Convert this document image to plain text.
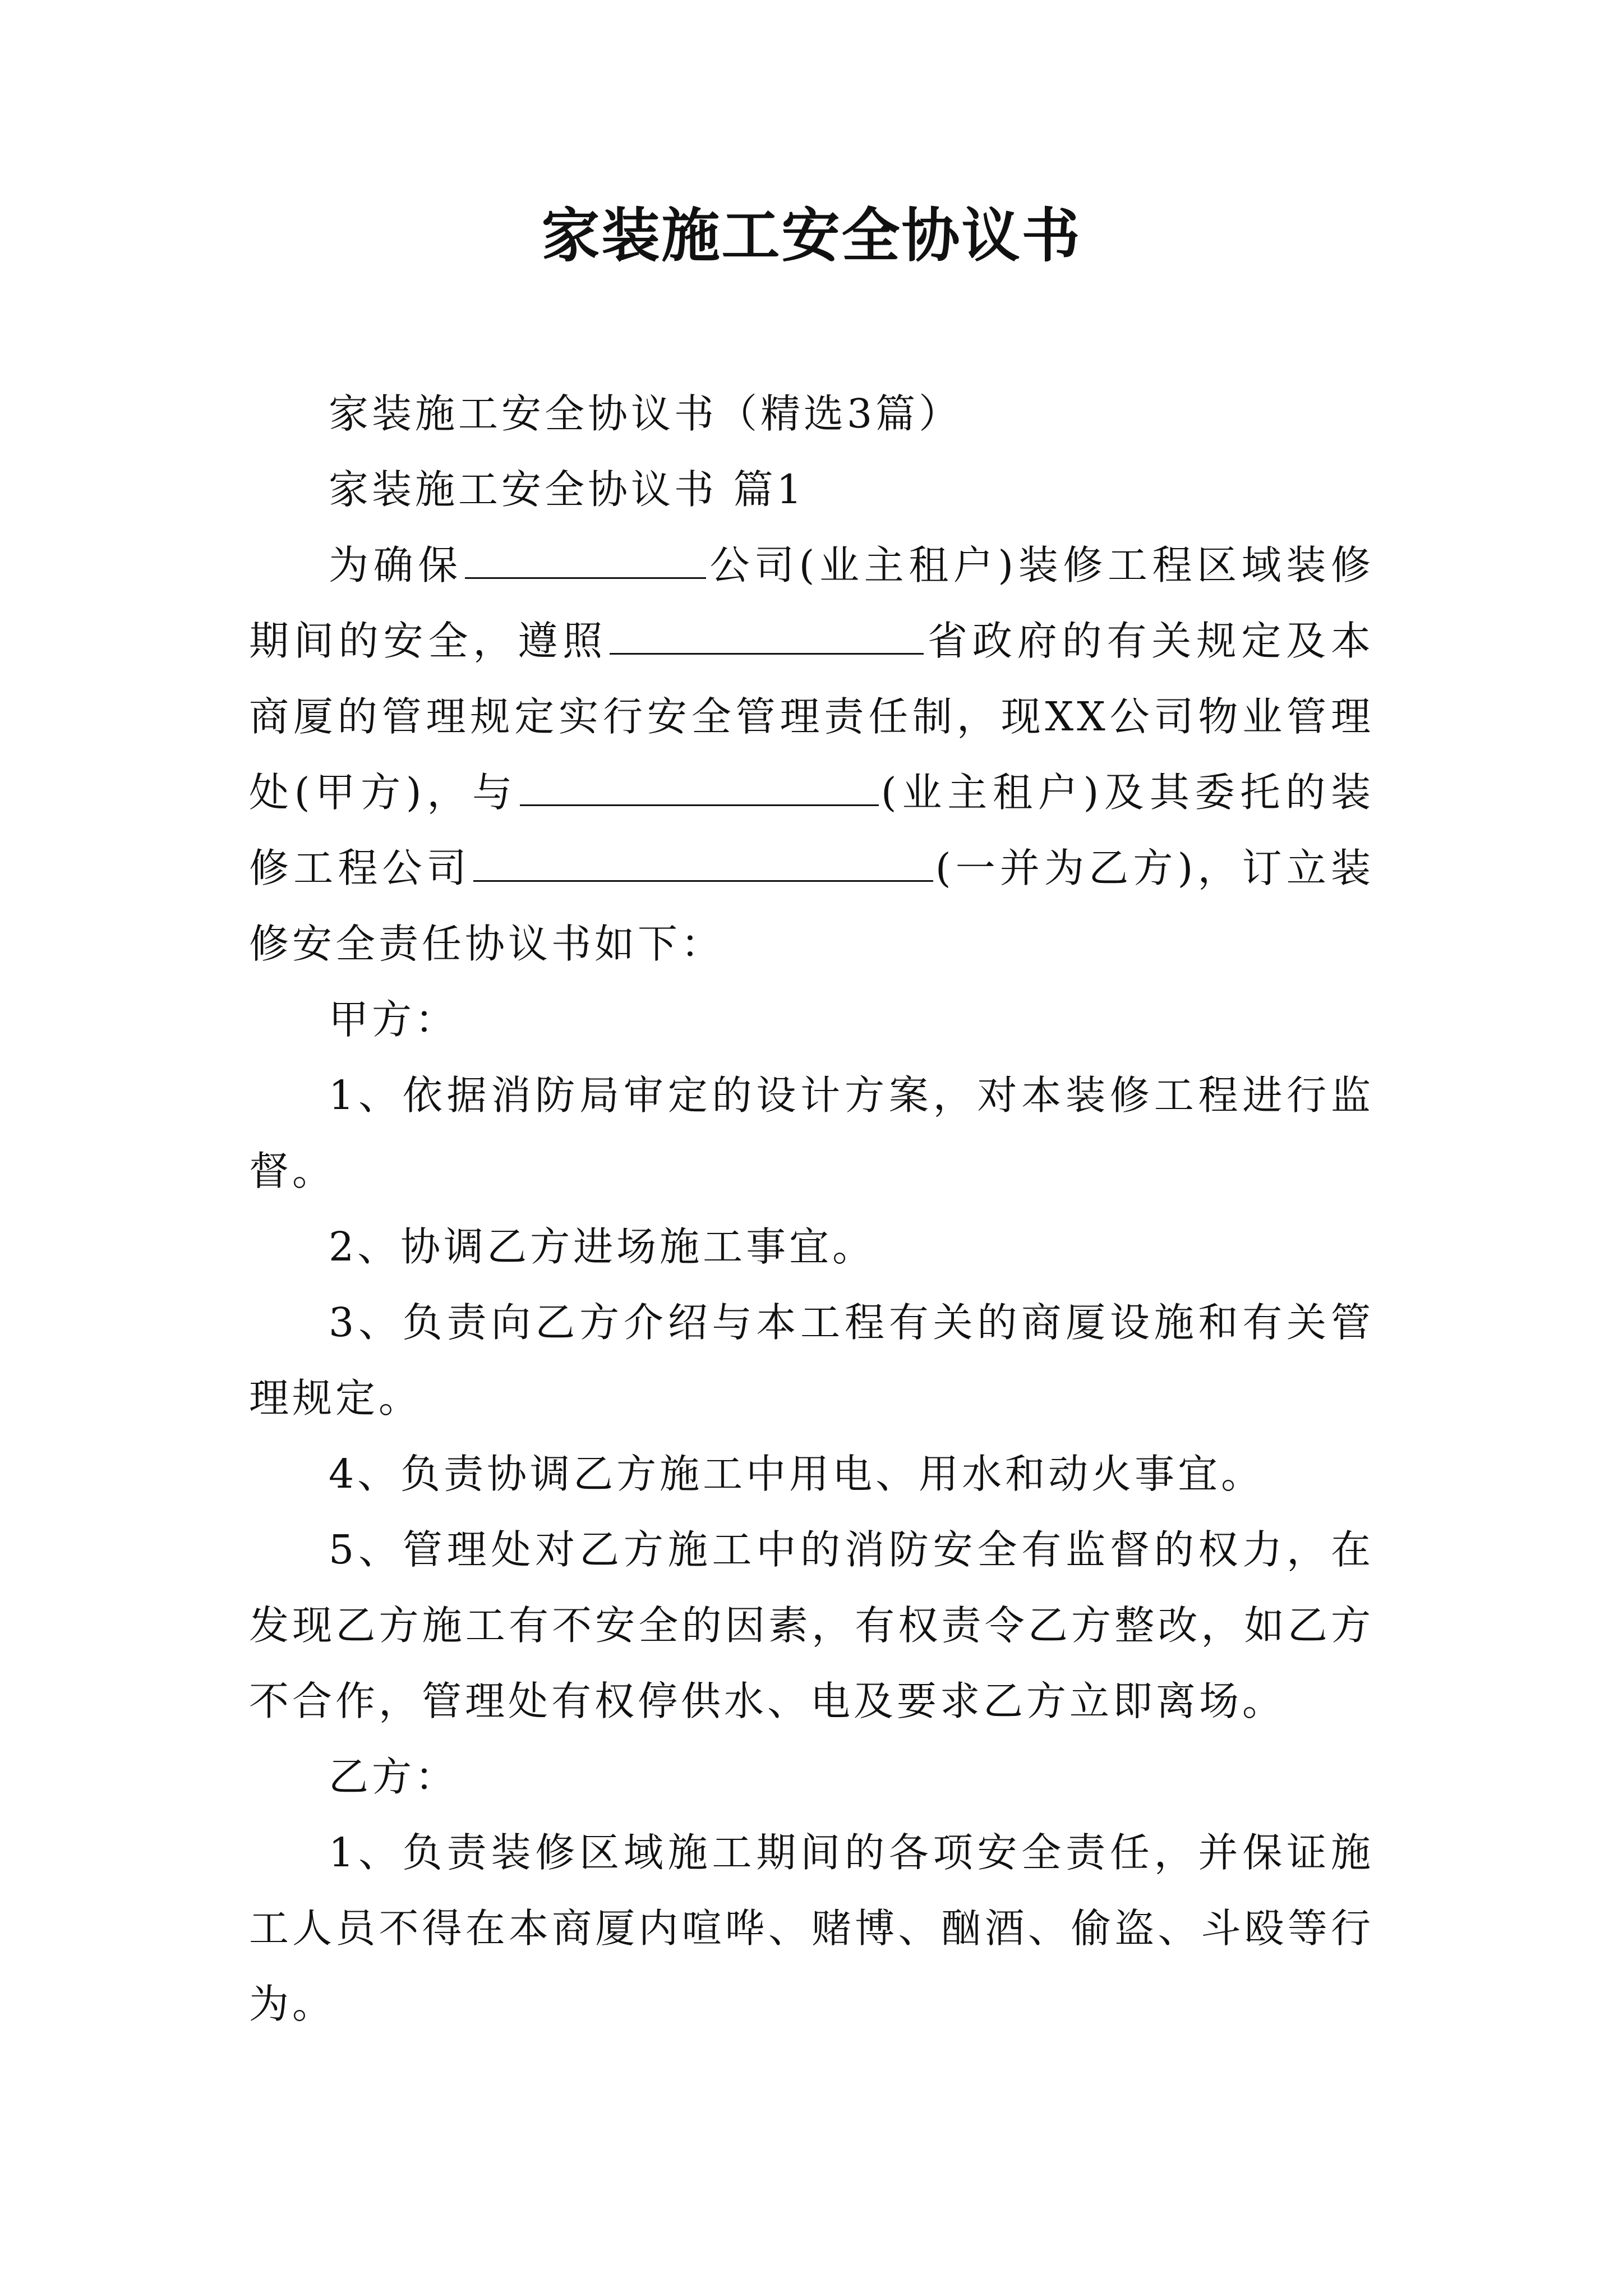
家装施工安全协议书

家装施工安全协议书（精选3篇）

家装施工安全协议书 篇1

为确保	公司(业主租户)装修工程区域装修期间的安全，遵照	省政府的有关规定及本商厦的管理规定实行安全管理责任制，现XX公司物业管理处(甲方)，与	(业主租户)及其委托的装修工程公司	(一并为乙方)，订立装修安全责任协议书如下：

甲方：

1、依据消防局审定的设计方案，对本装修工程进行监督。

2、协调乙方进场施工事宜。

3、负责向乙方介绍与本工程有关的商厦设施和有关管理规定。

4、负责协调乙方施工中用电、用水和动火事宜。

5、管理处对乙方施工中的消防安全有监督的权力，在发现乙方施工有不安全的因素，有权责令乙方整改，如乙方不合作，管理处有权停供水、电及要求乙方立即离场。

乙方：

1、负责装修区域施工期间的各项安全责任，并保证施工人员不得在本商厦内喧哗、赌博、酗酒、偷盗、斗殴等行为。
